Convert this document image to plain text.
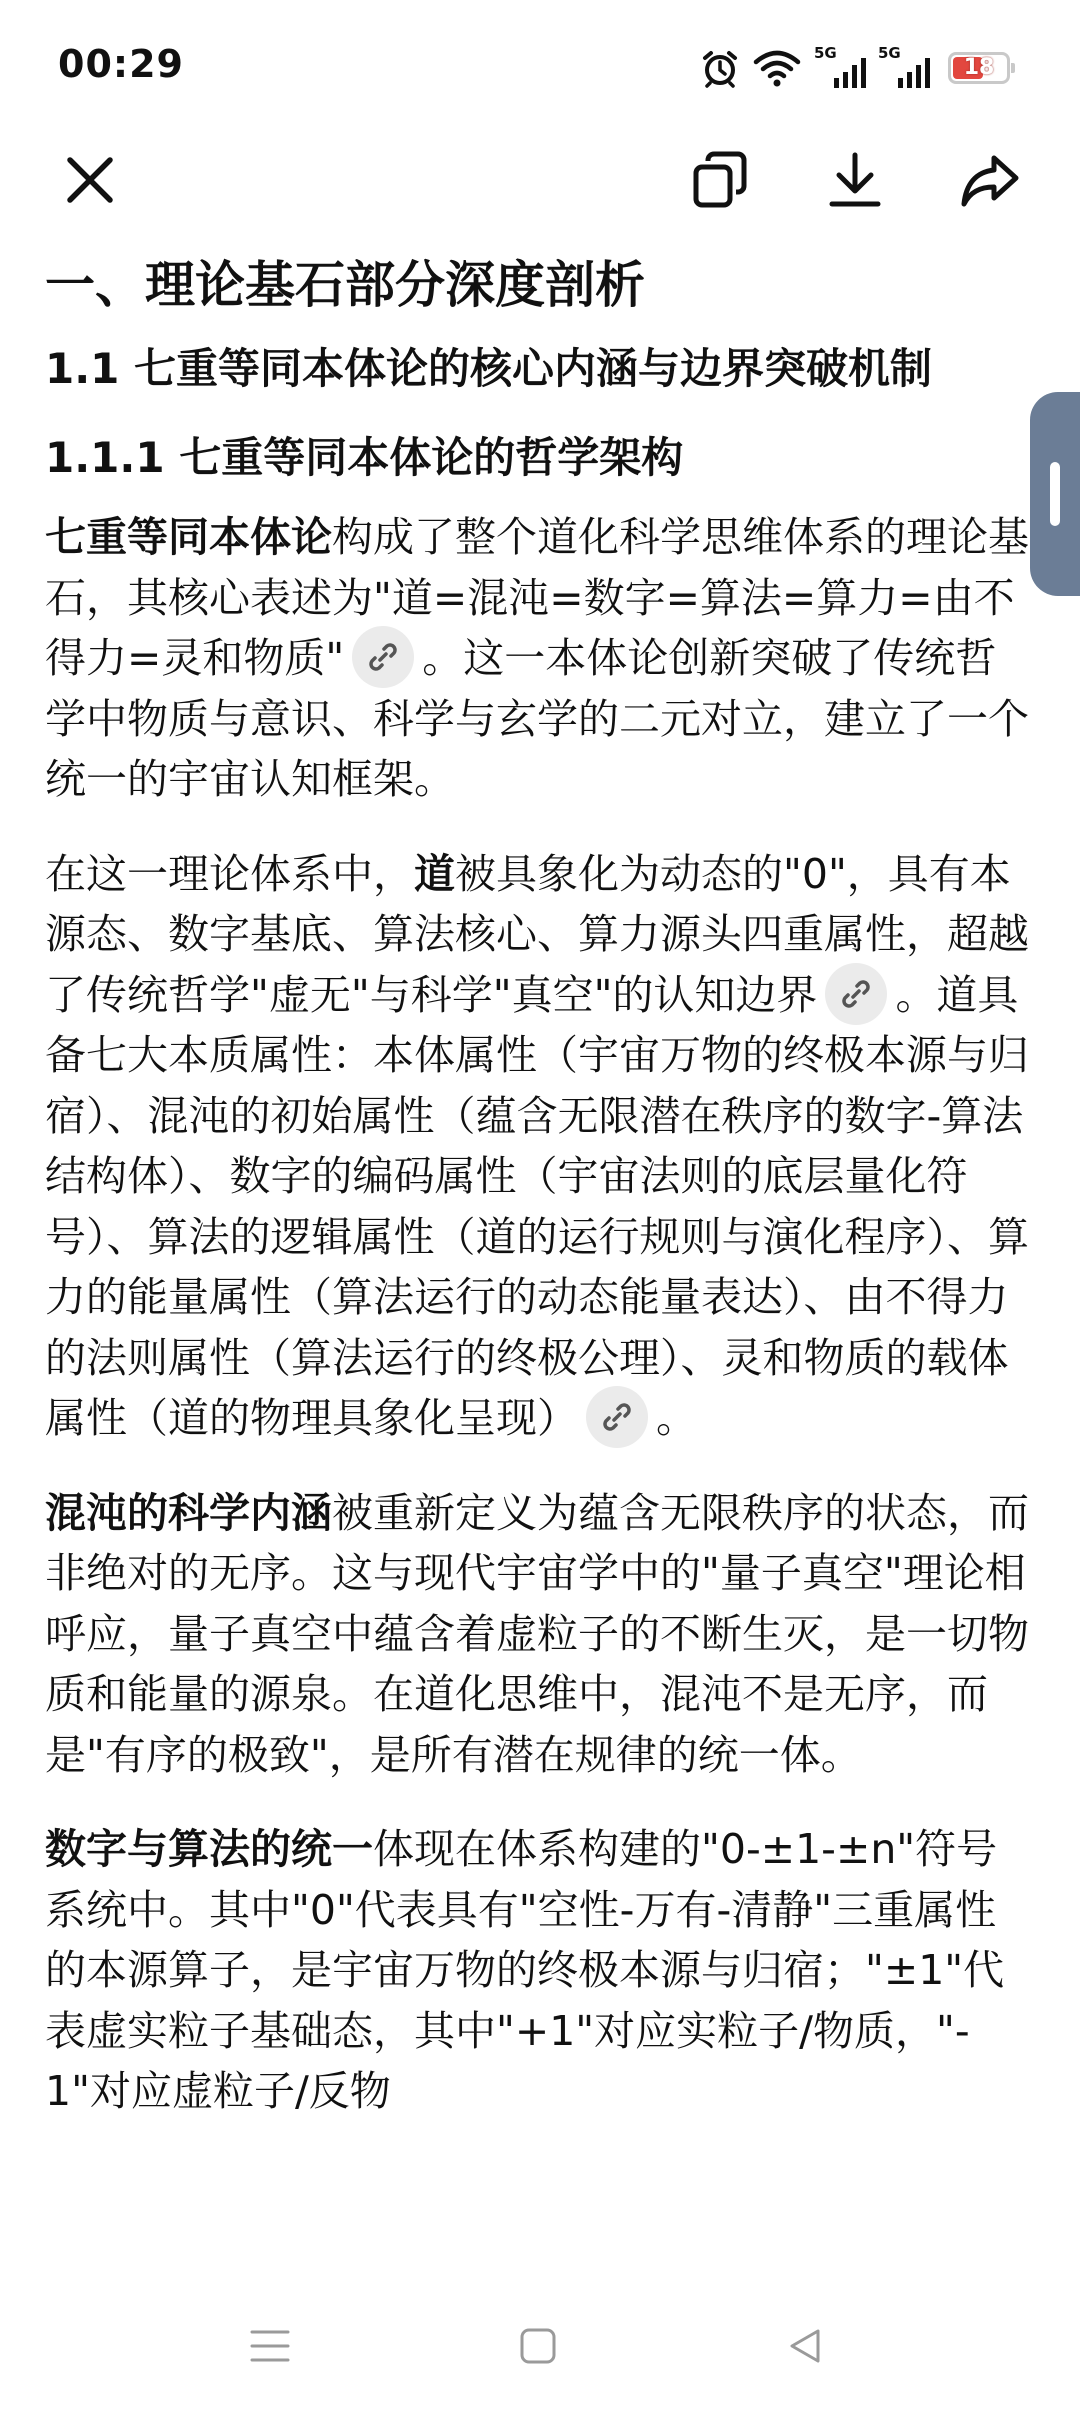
00:29	5G	5G
18
一、理论基石部分深度剖析
1.1 七重等同本体论的核心内涵与边界突破机制
1.1.1 七重等同本体论的哲学架构

七重等同本体论构成了整个道化科学思维体系的理论基石，其核心表述为"道=混沌=数字=算法=算力=由不得力=灵和物质" 。这一本体论创新突破了传统哲学中物质与意识、科学与玄学的二元对立，建立了一个统一的宇宙认知框架。

在这一理论体系中，道被具象化为动态的"0"，具有本源态、数字基底、算法核心、算力源头四重属性，超越了传统哲学"虚无"与科学"真空"的认知边界 。道具备七大本质属性：本体属性（宇宙万物的终极本源与归宿）、混沌的初始属性（蕴含无限潜在秩序的数字-算法结构体）、数字的编码属性（宇宙法则的底层量化符号）、算法的逻辑属性（道的运行规则与演化程序）、算力的能量属性（算法运行的动态能量表达）、由不得力的法则属性（算法运行的终极公理）、灵和物质的载体属性（道的物理具象化呈现） 。

混沌的科学内涵被重新定义为蕴含无限秩序的状态，而非绝对的无序。这与现代宇宙学中的"量子真空"理论相呼应，量子真空中蕴含着虚粒子的不断生灭，是一切物质和能量的源泉。在道化思维中，混沌不是无序，而是"有序的极致"，是所有潜在规律的统一体。

数字与算法的统一体现在体系构建的"0-±1-±n"符号系统中。其中"0"代表具有"空性-万有-清静"三重属性的本源算子，是宇宙万物的终极本源与归宿；"±1"代表虚实粒子基础态，其中"+1"对应实粒子/物质，"-1"对应虚粒子/反物
